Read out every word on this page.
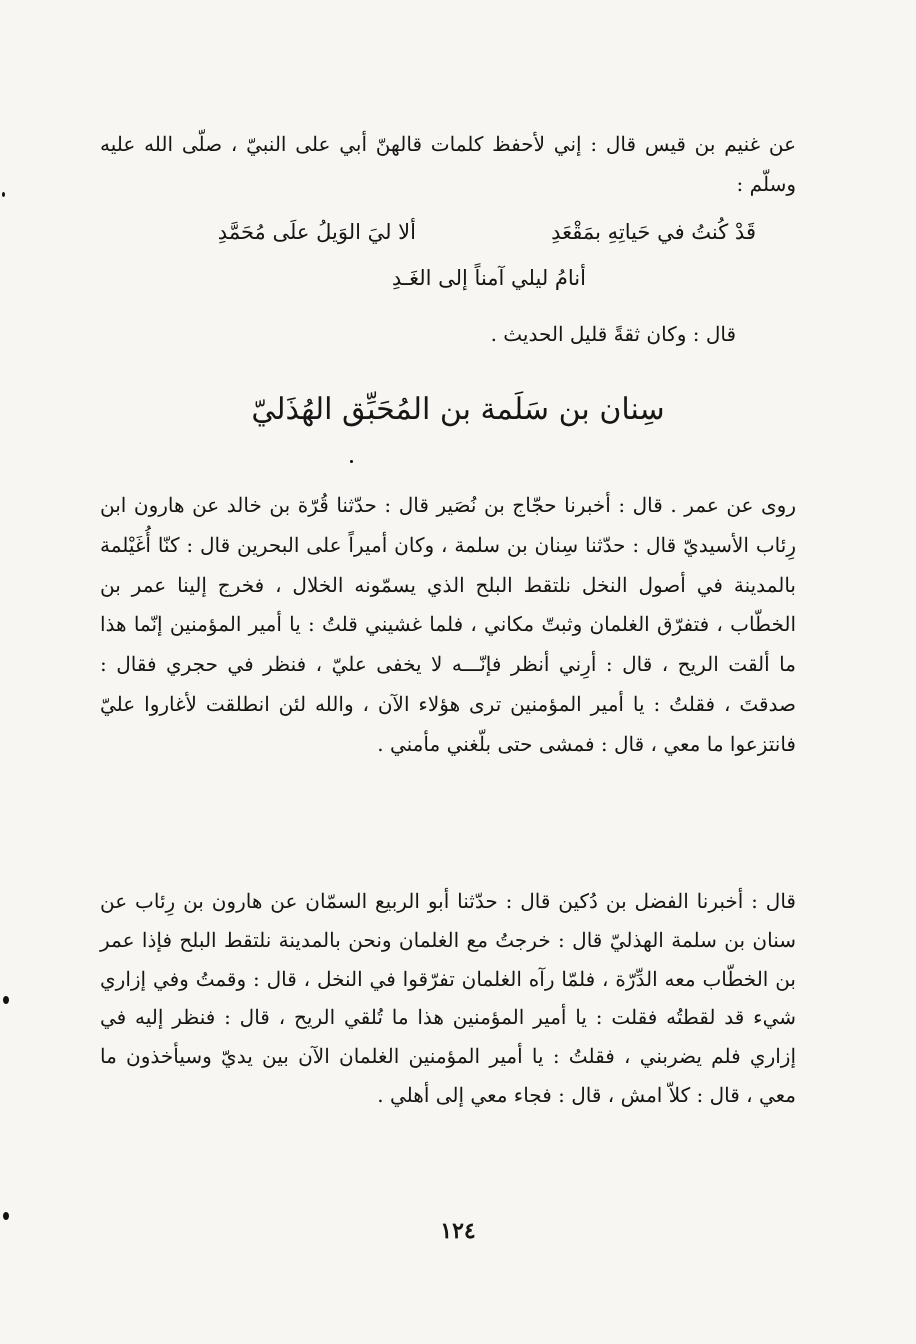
عن غنيم بن قيس قال : إني لأحفظ كلمات قالهنّ أبي على النبيّ ، صلّى الله عليه وسلّم :

ألا ليَ الوَيلُ علَى مُحَمَّدِ	قَدْ كُنتُ في حَياتِهِ بمَقْعَدِ

أنامُ ليلي آمناً إلى الغَـدِ

قال : وكان ثقةً قليل الحديث .

سِنان بن سَلَمة بن المُحَبِّق الهُذَليّ

روى عن عمر . قال : أخبرنا حجّاج بن نُصَير قال : حدّثنا قُرّة بن خالد عن هارون ابن رِئاب الأسيديّ قال : حدّثنا سِنان بن سلمة ، وكان أميراً على البحرين قال : كنّا أُغَيْلمة بالمدينة في أصول النخل نلتقط البلح الذي يسمّونه الخلال ، فخرج إلينا عمر بن الخطّاب ، فتفرّق الغلمان وثبتّ مكاني ، فلما غشيني قلتُ : يا أمير المؤمنين إنّما هذا ما ألقت الريح ، قال : أرِني أنظر فإنّـــه لا يخفى عليّ ، فنظر في حجري فقال : صدقتَ ، فقلتُ : يا أمير المؤمنين ترى هؤلاء الآن ، والله لئن انطلقت لأغاروا عليّ فانتزعوا ما معي ، قال : فمشى حتى بلّغني مأمني .

قال : أخبرنا الفضل بن دُكين قال : حدّثنا أبو الربيع السمّان عن هارون بن رِئاب عن سنان بن سلمة الهذليّ قال : خرجتُ مع الغلمان ونحن بالمدينة نلتقط البلح فإذا عمر بن الخطّاب معه الدِّرّة ، فلمّا رآه الغلمان تفرّقوا في النخل ، قال : وقمتُ وفي إزاري شيء قد لقطتُه فقلت : يا أمير المؤمنين هذا ما تُلقي الريح ، قال : فنظر إليه في إزاري فلم يضربني ، فقلتُ : يا أمير المؤمنين الغلمان الآن بين يديّ وسيأخذون ما معي ، قال : كلاّ امش ، قال : فجاء معي إلى أهلي .

١٢٤
